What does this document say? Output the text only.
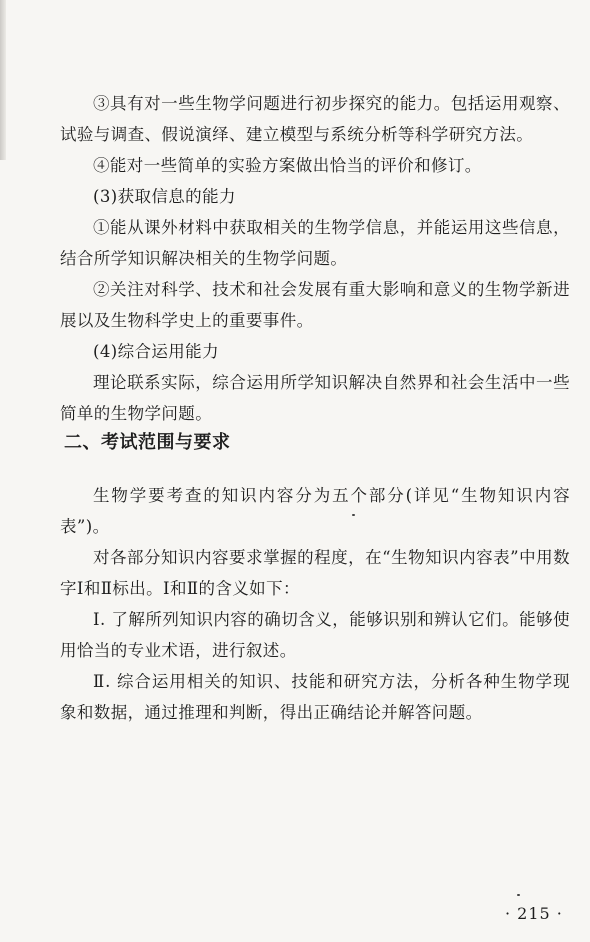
③具有对一些生物学问题进行初步探究的能力。包括运用观察、试验与调查、假说演绎、建立模型与系统分析等科学研究方法。

④能对一些简单的实验方案做出恰当的评价和修订。

(3)获取信息的能力

①能从课外材料中获取相关的生物学信息，并能运用这些信息，结合所学知识解决相关的生物学问题。

②关注对科学、技术和社会发展有重大影响和意义的生物学新进展以及生物科学史上的重要事件。

(4)综合运用能力

理论联系实际，综合运用所学知识解决自然界和社会生活中一些简单的生物学问题。

二、考试范围与要求

生物学要考查的知识内容分为五个部分(详见“生物知识内容表”)。

对各部分知识内容要求掌握的程度，在“生物知识内容表”中用数字Ⅰ和Ⅱ标出。Ⅰ和Ⅱ的含义如下：

Ⅰ. 了解所列知识内容的确切含义，能够识别和辨认它们。能够使用恰当的专业术语，进行叙述。

Ⅱ. 综合运用相关的知识、技能和研究方法，分析各种生物学现象和数据，通过推理和判断，得出正确结论并解答问题。

· 215 ·
